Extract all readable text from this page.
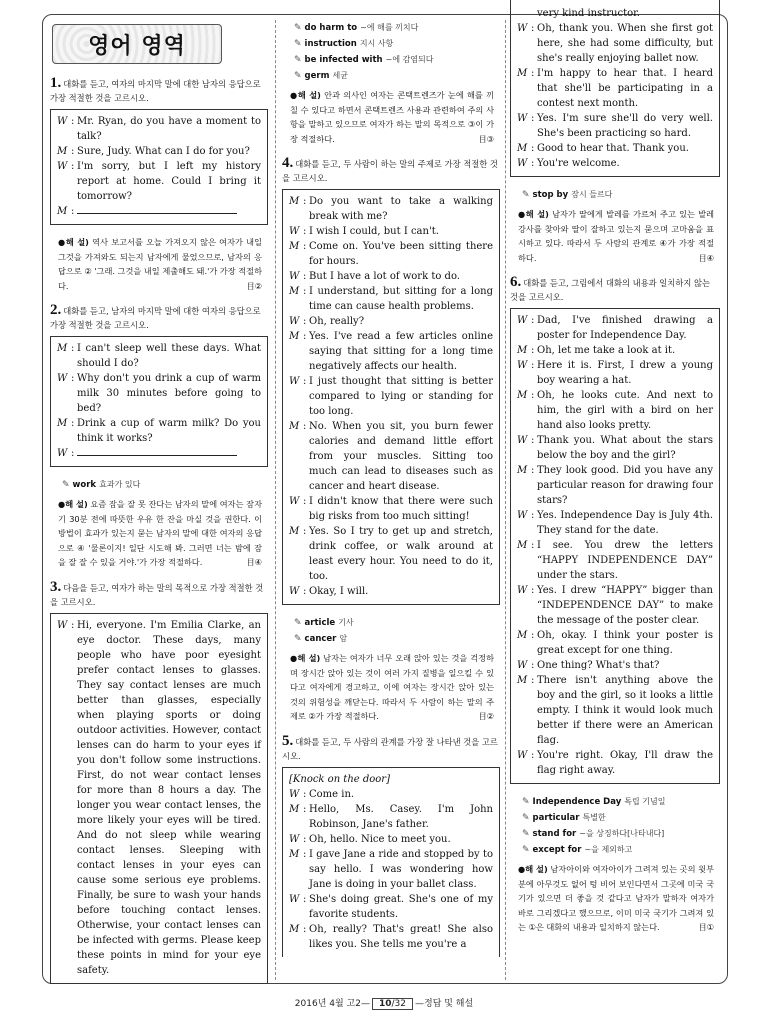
영어 영역
1. 대화를 듣고, 여자의 마지막 말에 대한 남자의 응답으로 가장 적절한 것을 고르시오.
W : Mr. Ryan, do you have a moment to talk?
M : Sure, Judy. What can I do for you?
W : I'm sorry, but I left my history report at home. Could I bring it tomorrow?
M :
●해 설) 역사 보고서를 오늘 가져오지 않은 여자가 내일 그것을 가져와도 되는지 남자에게 물었으므로, 남자의 응답으로 ② '그래. 그것을 내일 제출해도 돼.'가 가장 적절하다.	目②
2. 대화를 듣고, 남자의 마지막 말에 대한 여자의 응답으로 가장 적절한 것을 고르시오.
M : I can't sleep well these days. What should I do?
W : Why don't you drink a cup of warm milk 30 minutes before going to bed?
M : Drink a cup of warm milk? Do you think it works?
W :
✎ work 효과가 있다
●해 설) 요즘 잠을 잘 못 잔다는 남자의 말에 여자는 잠자기 30분 전에 따뜻한 우유 한 잔을 마실 것을 권한다. 이 방법이 효과가 있는지 묻는 남자의 말에 대한 여자의 응답으로 ④ '물론이지! 일단 시도해 봐. 그러면 너는 밤에 잠을 잘 잘 수 있을 거야.'가 가장 적절하다.	目④
3. 다음을 듣고, 여자가 하는 말의 목적으로 가장 적절한 것을 고르시오.
W : Hi, everyone. I'm Emilia Clarke, an eye doctor. These days, many people who have poor eyesight prefer contact lenses to glasses. They say contact lenses are much better than glasses, especially when playing sports or doing outdoor activities. However, contact lenses can do harm to your eyes if you don't follow some instructions. First, do not wear contact lenses for more than 8 hours a day. The longer you wear contact lenses, the more likely your eyes will be tired. And do not sleep while wearing contact lenses. Sleeping with contact lenses in your eyes can cause some serious eye problems. Finally, be sure to wash your hands before touching contact lenses. Otherwise, your contact lenses can be infected with germs. Please keep these points in mind for your eye safety.
✎ do harm to ~에 해를 끼치다
✎ instruction 지시 사항
✎ be infected with ~에 감염되다
✎ germ 세균
●해 설) 안과 의사인 여자는 콘택트렌즈가 눈에 해를 끼칠 수 있다고 하면서 콘택트렌즈 사용과 관련하여 주의 사항을 말하고 있으므로 여자가 하는 말의 목적으로 ③이 가장 적절하다.	目③
4. 대화를 듣고, 두 사람이 하는 말의 주제로 가장 적절한 것을 고르시오.
M : Do you want to take a walking break with me?
W : I wish I could, but I can't.
M : Come on. You've been sitting there for hours.
W : But I have a lot of work to do.
M : I understand, but sitting for a long time can cause health problems.
W : Oh, really?
M : Yes. I've read a few articles online saying that sitting for a long time negatively affects our health.
W : I just thought that sitting is better compared to lying or standing for too long.
M : No. When you sit, you burn fewer calories and demand little effort from your muscles. Sitting too much can lead to diseases such as cancer and heart disease.
W : I didn't know that there were such big risks from too much sitting!
M : Yes. So I try to get up and stretch, drink coffee, or walk around at least every hour. You need to do it, too.
W : Okay, I will.
✎ article 기사
✎ cancer 암
●해 설) 남자는 여자가 너무 오래 앉아 있는 것을 걱정하며 장시간 앉아 있는 것이 여러 가지 질병을 일으킬 수 있다고 여자에게 경고하고, 이에 여자는 장시간 앉아 있는 것의 위험성을 깨닫는다. 따라서 두 사람이 하는 말의 주제로 ②가 가장 적절하다.	目②
5. 대화를 듣고, 두 사람의 관계를 가장 잘 나타낸 것을 고르시오.
[Knock on the door]
W : Come in.
M : Hello, Ms. Casey. I'm John Robinson, Jane's father.
W : Oh, hello. Nice to meet you.
M : I gave Jane a ride and stopped by to say hello. I was wondering how Jane is doing in your ballet class.
W : She's doing great. She's one of my favorite students.
M : Oh, really? That's great! She also likes you. She tells me you're a
very kind instructor.
W : Oh, thank you. When she first got here, she had some difficulty, but she's really enjoying ballet now.
M : I'm happy to hear that. I heard that she'll be participating in a contest next month.
W : Yes. I'm sure she'll do very well. She's been practicing so hard.
M : Good to hear that. Thank you.
W : You're welcome.
✎ stop by 잠시 들르다
●해 설) 남자가 딸에게 발레를 가르쳐 주고 있는 발레 강사를 찾아와 딸이 잘하고 있는지 묻으며 고마움을 표시하고 있다. 따라서 두 사람의 관계로 ④가 가장 적절하다.	目④
6. 대화를 듣고, 그림에서 대화의 내용과 일치하지 않는 것을 고르시오.
W : Dad, I've finished drawing a poster for Independence Day.
M : Oh, let me take a look at it.
W : Here it is. First, I drew a young boy wearing a hat.
M : Oh, he looks cute. And next to him, the girl with a bird on her hand also looks pretty.
W : Thank you. What about the stars below the boy and the girl?
M : They look good. Did you have any particular reason for drawing four stars?
W : Yes. Independence Day is July 4th. They stand for the date.
M : I see. You drew the letters “HAPPY INDEPENDENCE DAY” under the stars.
W : Yes. I drew “HAPPY” bigger than “INDEPENDENCE DAY” to make the message of the poster clear.
M : Oh, okay. I think your poster is great except for one thing.
W : One thing? What's that?
M : There isn't anything above the boy and the girl, so it looks a little empty. I think it would look much better if there were an American flag.
W : You're right. Okay, I'll draw the flag right away.
✎ Independence Day 독립 기념일
✎ particular 특별한
✎ stand for ~을 상징하다[나타내다]
✎ except for ~을 제외하고
●해 설) 남자아이와 여자아이가 그려져 있는 곳의 윗부분에 아무것도 없어 텅 비어 보인다면서 그곳에 미국 국기가 있으면 더 좋을 것 같다고 남자가 말하자 여자가 바로 그리겠다고 했으므로, 이미 미국 국기가 그려져 있는 ①은 대화의 내용과 일치하지 않는다.	目①
2016년 4월 고2— 10/32 —정답 및 해설
